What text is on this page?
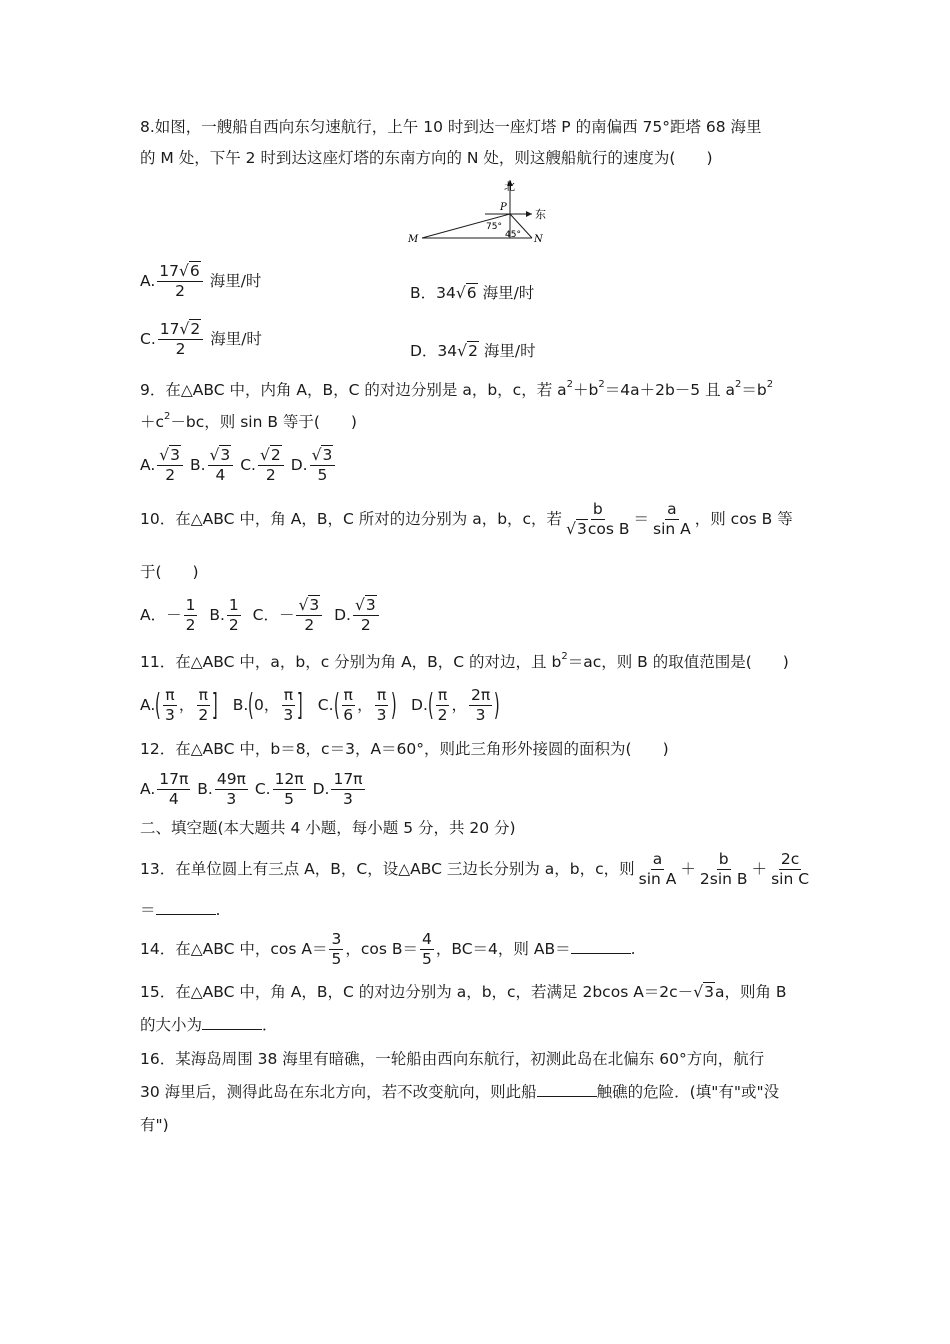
8.如图，一艘船自西向东匀速航行，上午 10 时到达一座灯塔 P 的南偏西 75°距塔 68 海里
的 M 处，下午 2 时到达这座灯塔的东南方向的 N 处，则这艘船航行的速度为(　　)
北
东
P
M	N
75°
45°
A. $\frac{17 √ 6}{2}$ 海里/时
B．34 √ 6 海里/时
C. $\frac{17 √ 2}{2}$ 海里/时
D．34 √ 2 海里/时
9．在△ABC 中，内角 A，B，C 的对边分别是 a，b，c，若 $a^2+b^2=4a+2b-5$ 且 $a^2=b^2$
$+c^2-bc$，则 sin B 等于(　　)
A. √ $\frac{3}{2} B$. √ $\frac{3}{4} C$. √ $\frac{2}{2} D$. √ $\frac{3}{5}$
10．在△ABC 中，角 A，B，C 所对的边分别为 a，b，c，若 b
√ 3cos $B = \frac{a}{\text{sin A}}$ ，则 cos B 等
于(　　)
A．－ $\frac{1}{2} B$. $\frac{1}{2}$ C．－ √ $\frac{3}{2} D$. √ $\frac{3}{2}$
11．在△ABC 中，a，b，c 分别为角 A，B，C 的对边，且 $b^2=ac$，则 B 的取值范围是(　　)
$A.( \frac{\pi}{3}$ ， $\frac{\pi}{2}$ ] B.(0， $\frac{\pi}{3}$ ] $C.( \frac{\pi}{6}$ ， $\frac{\pi}{3}$ ) $D.( \frac{\pi}{2}$ ， $\frac{2\pi}{3}$ )
12．在△ABC 中，b＝8，c＝3，A＝60°，则此三角形外接圆的面积为(　　)
A. $\frac{17\pi}{4} B$. $\frac{49\pi}{3} C$. $\frac{12\pi}{5} D$. $\frac{17\pi}{3}$
二、填空题(本大题共 4 小题，每小题 5 分，共 20 分)
13．在单位圆上有三点 A，B，C，设△ABC 三边长分别为 a，b，c，则 $\frac{a}{\text{sin A}} + \frac{b}{\text{2sin B}} + \frac{2c}{\text{sin C}}$
＝	.
14．在△ABC 中，$\cos A= \frac{3}{5}$ ，$\cos B= \frac{4}{5}$ ，BC＝4，则 AB＝	.
15．在△ABC 中，角 A，B，C 的对边分别为 a，b，c，若满足 2bcos A＝2c－ √ 3a，则角 B
的大小为	．
16．某海岛周围 38 海里有暗礁，一轮船由西向东航行，初测此岛在北偏东 60°方向，航行
30 海里后，测得此岛在东北方向，若不改变航向，则此船	触礁的危险．(填"有"或"没
有")
